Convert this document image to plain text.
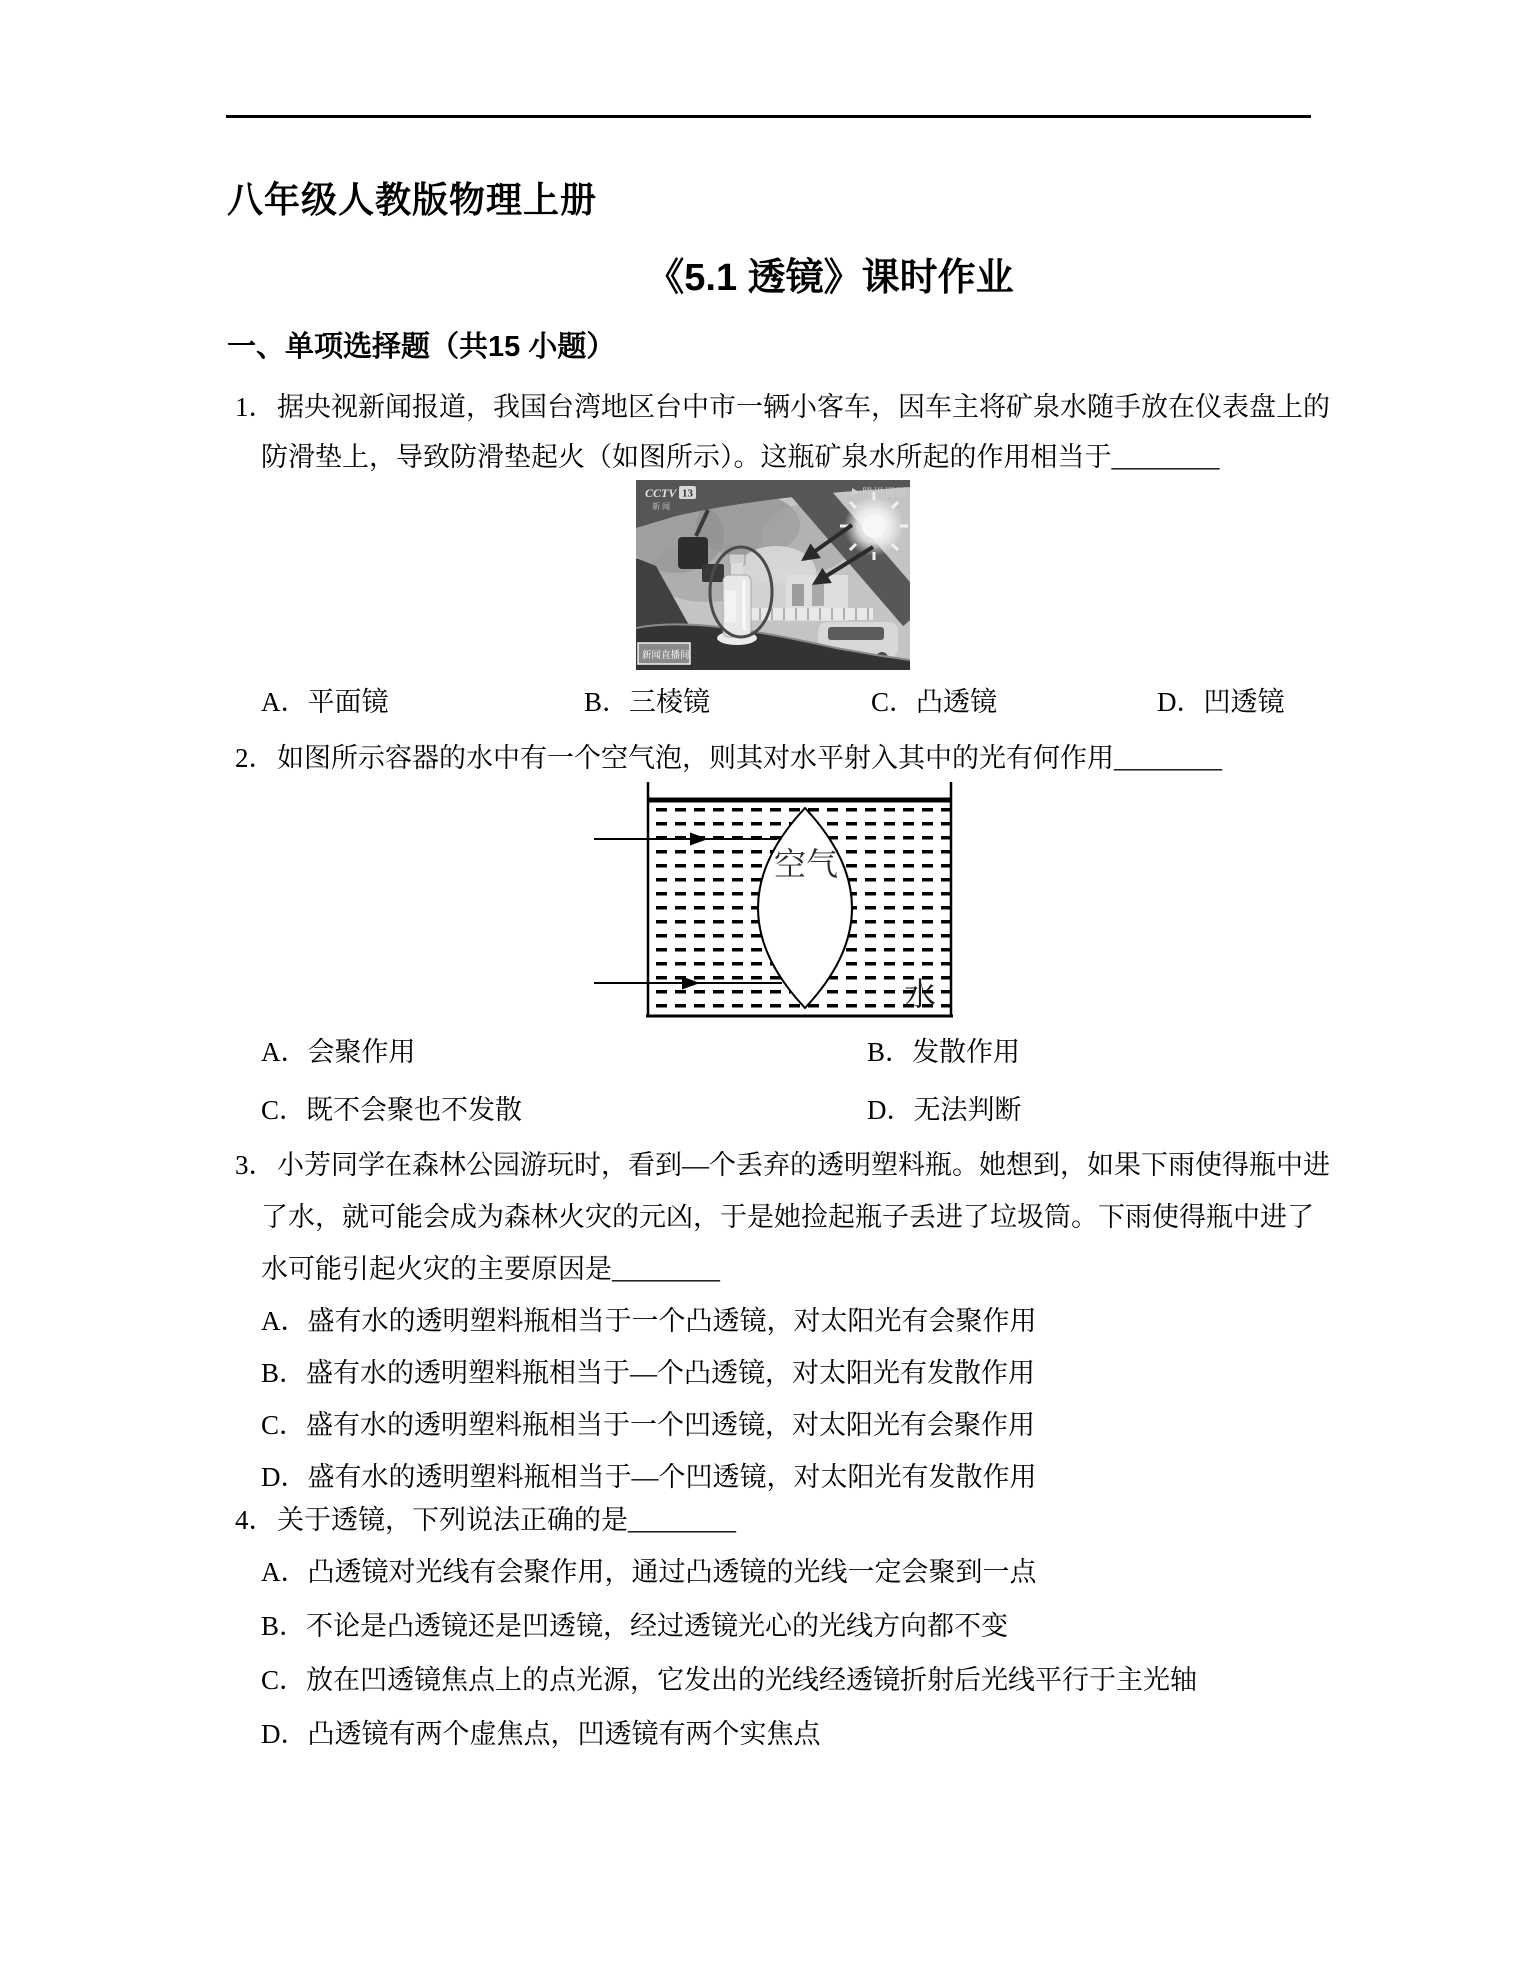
八年级人教版物理上册
《5.1 透镜》课时作业
一、单项选择题（共15 小题）
1．据央视新闻报道，我国台湾地区台中市一辆小客车，因车主将矿泉水随手放在仪表盘上的
防滑垫上，导致防滑垫起火（如图所示）。这瓶矿泉水所起的作用相当于________
CCTV 13
新 闻
腾讯视频
新闻直播间
A．平面镜	B．三棱镜	C．凸透镜	D．凹透镜
2．如图所示容器的水中有一个空气泡，则其对水平射入其中的光有何作用________
空气
水
A．会聚作用	B．发散作用
C．既不会聚也不发散	D．无法判断
3．小芳同学在森林公园游玩时，看到—个丢弃的透明塑料瓶。她想到，如果下雨使得瓶中进
了水，就可能会成为森林火灾的元凶，于是她捡起瓶子丢进了垃圾筒。下雨使得瓶中进了
水可能引起火灾的主要原因是________
A．盛有水的透明塑料瓶相当于一个凸透镜，对太阳光有会聚作用
B．盛有水的透明塑料瓶相当于—个凸透镜，对太阳光有发散作用
C．盛有水的透明塑料瓶相当于一个凹透镜，对太阳光有会聚作用
D．盛有水的透明塑料瓶相当于—个凹透镜，对太阳光有发散作用
4．关于透镜，下列说法正确的是________
A．凸透镜对光线有会聚作用，通过凸透镜的光线一定会聚到一点
B．不论是凸透镜还是凹透镜，经过透镜光心的光线方向都不变
C．放在凹透镜焦点上的点光源，它发出的光线经透镜折射后光线平行于主光轴
D．凸透镜有两个虚焦点，凹透镜有两个实焦点
